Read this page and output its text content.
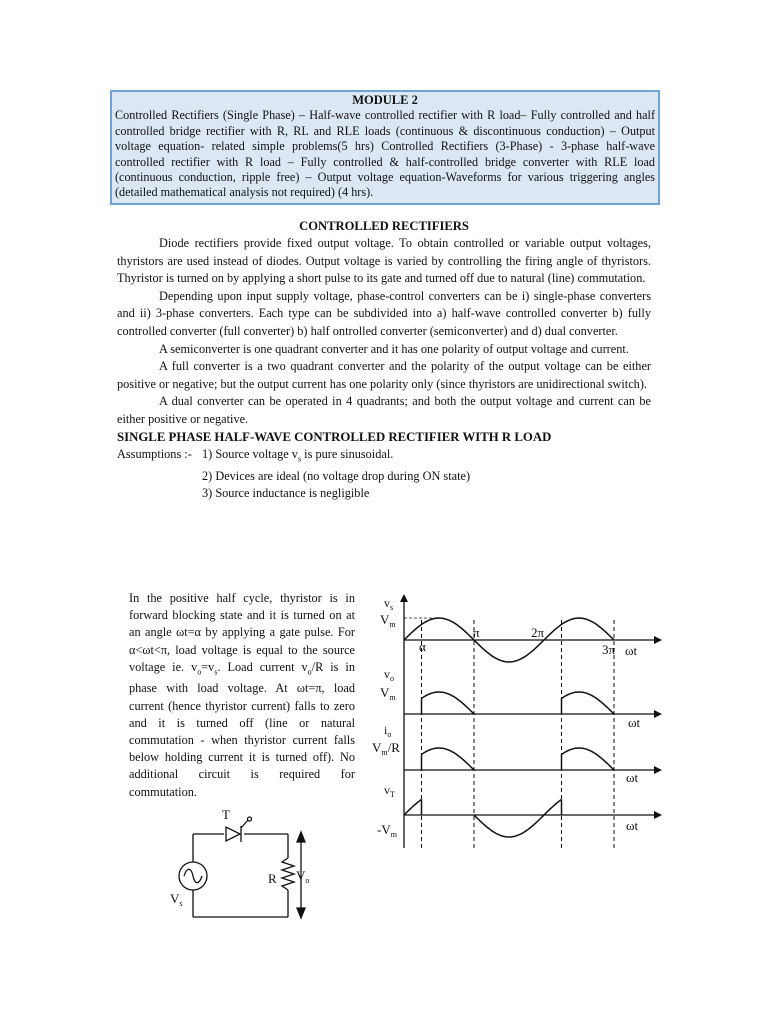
MODULE 2
Controlled Rectifiers (Single Phase) – Half-wave controlled rectifier with R load– Fully controlled and half controlled bridge rectifier with R, RL and RLE loads (continuous & discontinuous conduction) – Output voltage equation- related simple problems(5 hrs) Controlled Rectifiers (3-Phase) - 3-phase half-wave controlled rectifier with R load – Fully controlled & half-controlled bridge converter with RLE load (continuous conduction, ripple free) – Output voltage equation-Waveforms for various triggering angles (detailed mathematical analysis not required) (4 hrs).
CONTROLLED RECTIFIERS

Diode rectifiers provide fixed output voltage. To obtain controlled or variable output voltages, thyristors are used instead of diodes. Output voltage is varied by controlling the firing angle of thyristors. Thyristor is turned on by applying a short pulse to its gate and turned off due to natural (line) commutation.

Depending upon input supply voltage, phase-control converters can be i) single-phase converters and ii) 3-phase converters. Each type can be subdivided into a) half-wave controlled converter b) fully controlled converter (full converter) b) half ontrolled converter (semiconverter) and d) dual converter.

A semiconverter is one quadrant converter and it has one polarity of output voltage and current.

A full converter is a two quadrant converter and the polarity of the output voltage can be either positive or negative; but the output current has one polarity only (since thyristors are unidirectional switch).

A dual converter can be operated in 4 quadrants; and both the output voltage and current can be either positive or negative.

SINGLE PHASE HALF-WAVE CONTROLLED RECTIFIER WITH R LOAD

Assumptions :- 1) Source voltage $v_s$ is pure sinusoidal.
2) Devices are ideal (no voltage drop during ON state)
3) Source inductance is negligible
In the positive half cycle, thyristor is in forward blocking state and it is turned on at an angle ωt=α by applying a gate pulse. For α<ωt<π, load voltage is equal to the source voltage ie. $v_o=v_s$. Load current $v_o/R$ is in phase with load voltage. At ωt=π, load current (hence thyristor current) falls to zero and it is turned off (line or natural commutation - when thyristor current falls below holding current it is turned off). No additional circuit is required for commutation.
T
$V_s$
R $V_o$
$v_s$
$V_m$
α
π	2π
3π ωt
$v_o$
$V_m$
ωt
$i_o$
$V_m/R$
ωt
$v_T$
ωt
$-V_m$
